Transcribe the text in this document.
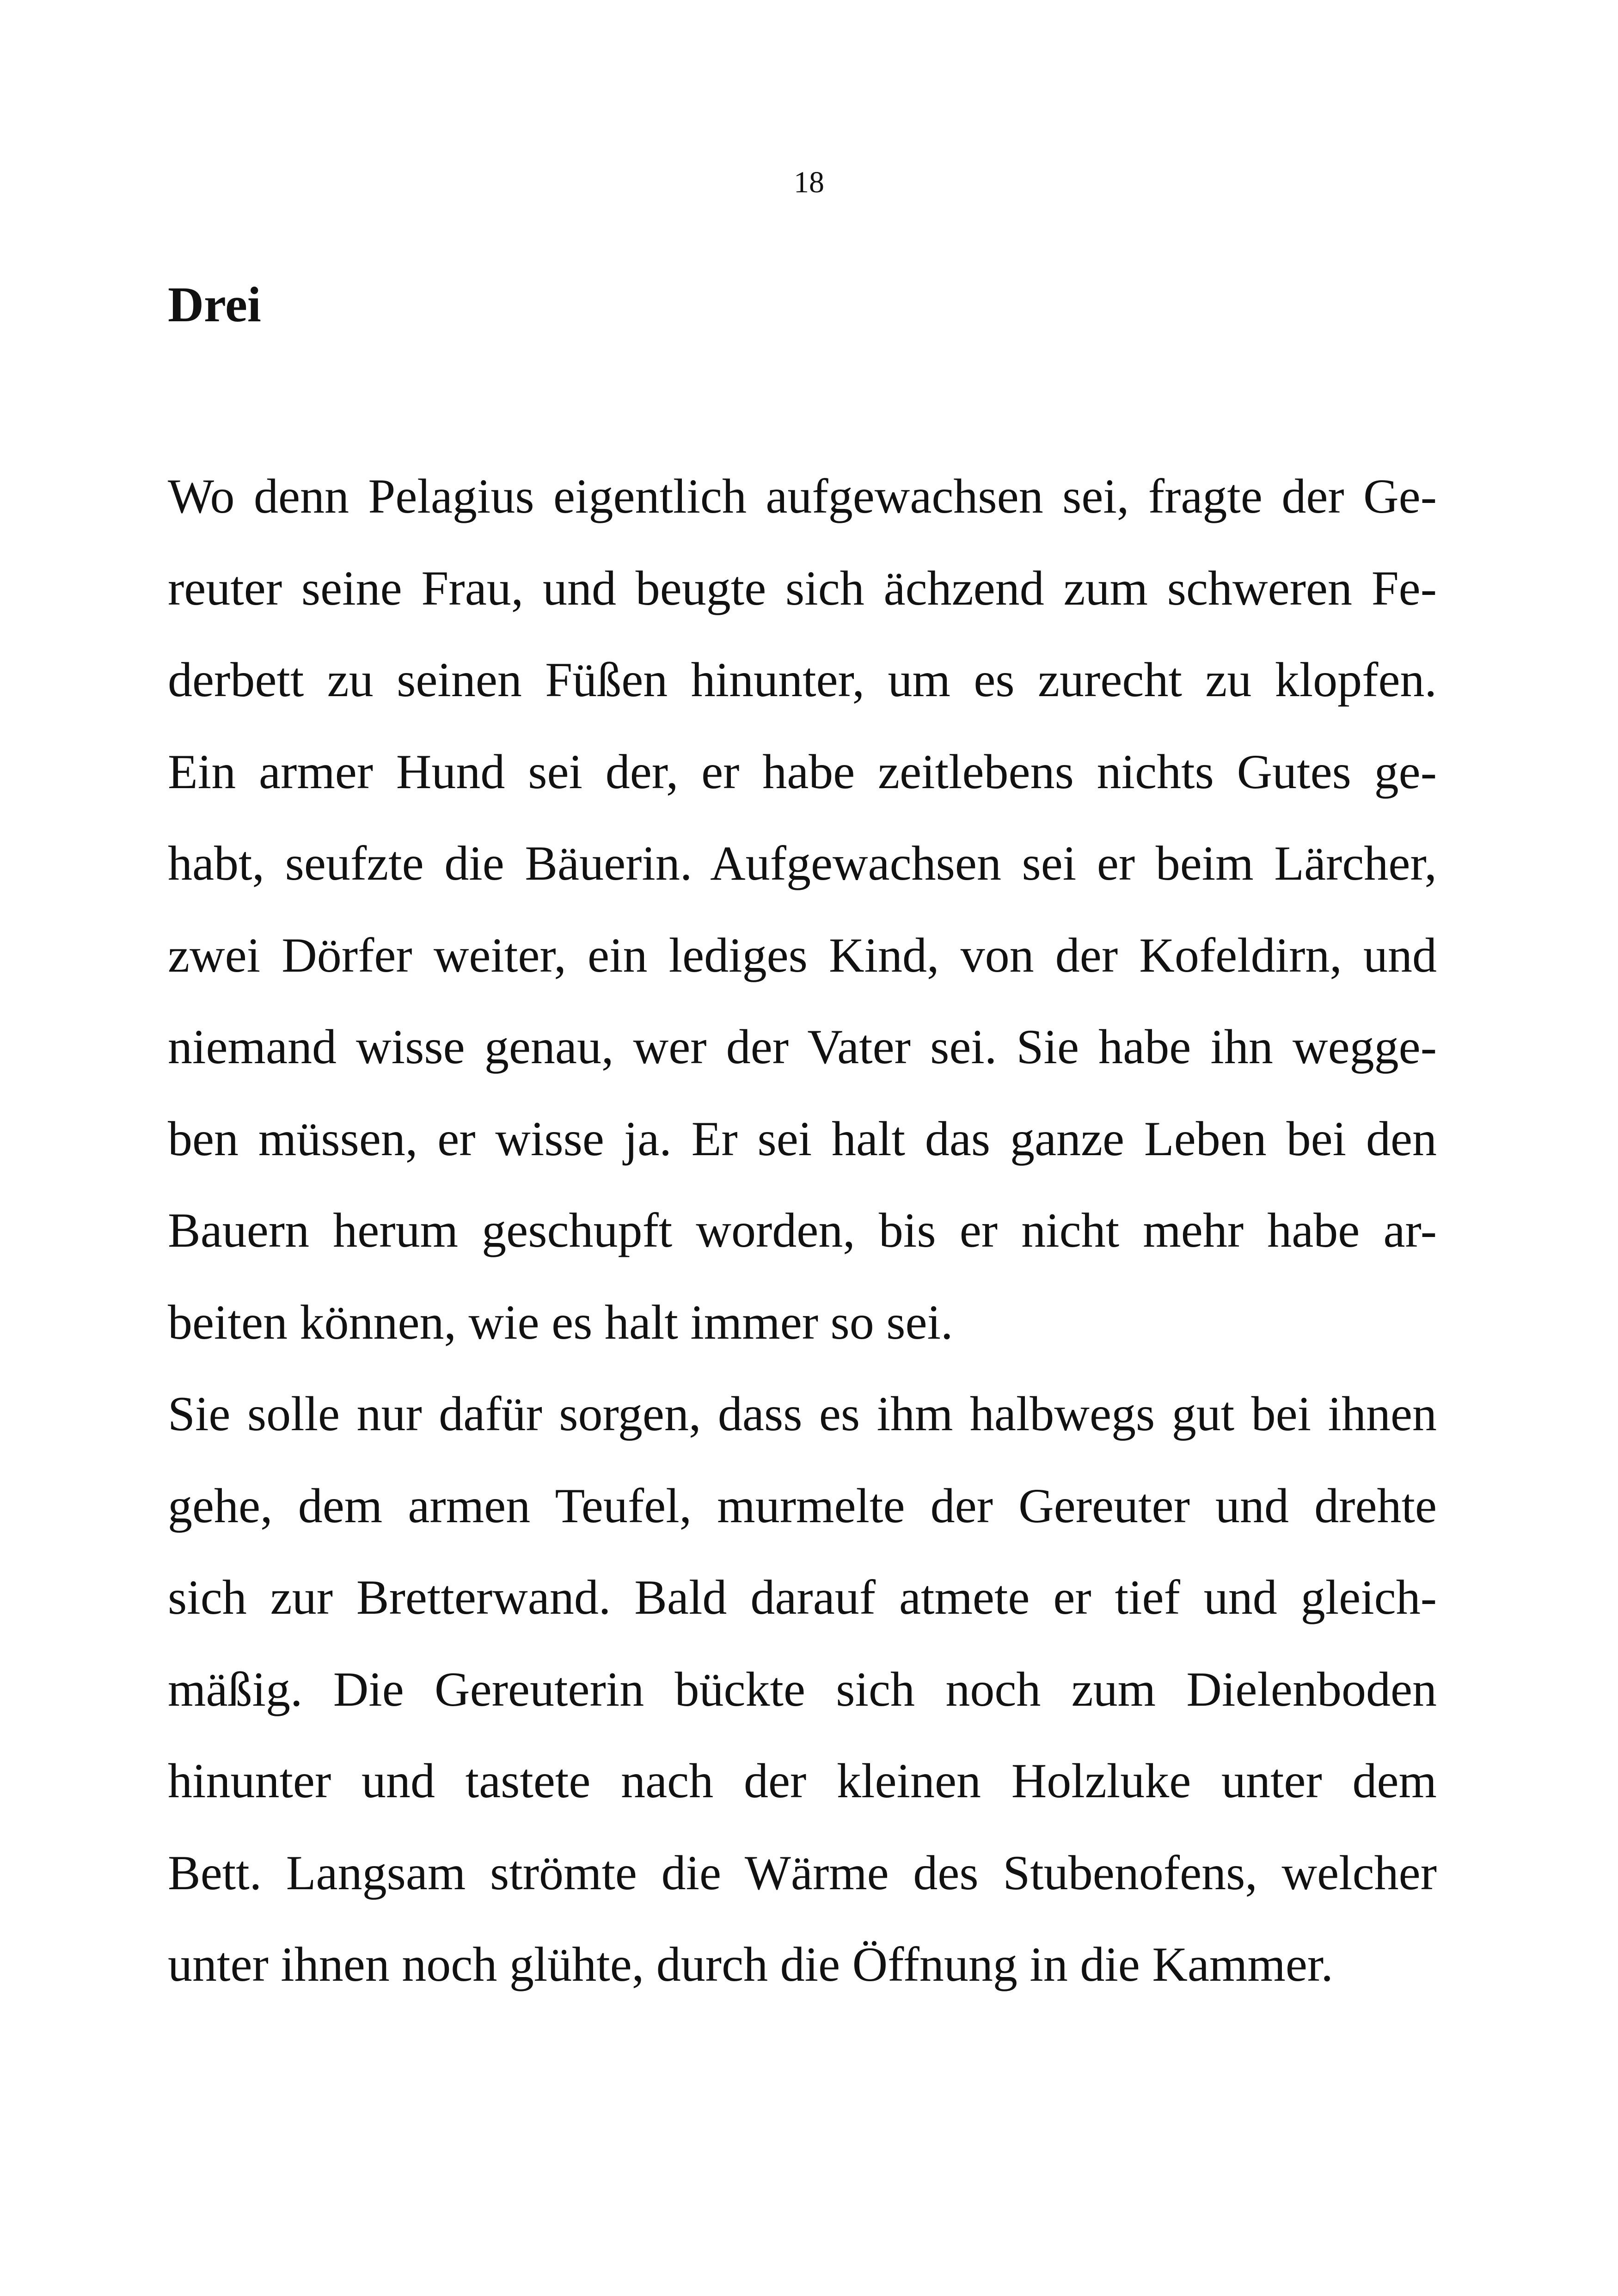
18
Drei
Wo denn Pelagius eigentlich aufgewachsen sei, fragte der Ge-
reuter seine Frau, und beugte sich ächzend zum schweren Fe-
derbett zu seinen Füßen hinunter, um es zurecht zu klopfen.
Ein armer Hund sei der, er habe zeitlebens nichts Gutes ge-
habt, seufzte die Bäuerin. Aufgewachsen sei er beim Lärcher,
zwei Dörfer weiter, ein lediges Kind, von der Kofeldirn, und
niemand wisse genau, wer der Vater sei. Sie habe ihn wegge-
ben müssen, er wisse ja. Er sei halt das ganze Leben bei den
Bauern herum geschupft worden, bis er nicht mehr habe ar-
beiten können, wie es halt immer so sei.
Sie solle nur dafür sorgen, dass es ihm halbwegs gut bei ihnen
gehe, dem armen Teufel, murmelte der Gereuter und drehte
sich zur Bretterwand. Bald darauf atmete er tief und gleich-
mäßig. Die Gereuterin bückte sich noch zum Dielenboden
hinunter und tastete nach der kleinen Holzluke unter dem
Bett. Langsam strömte die Wärme des Stubenofens, welcher
unter ihnen noch glühte, durch die Öffnung in die Kammer.
